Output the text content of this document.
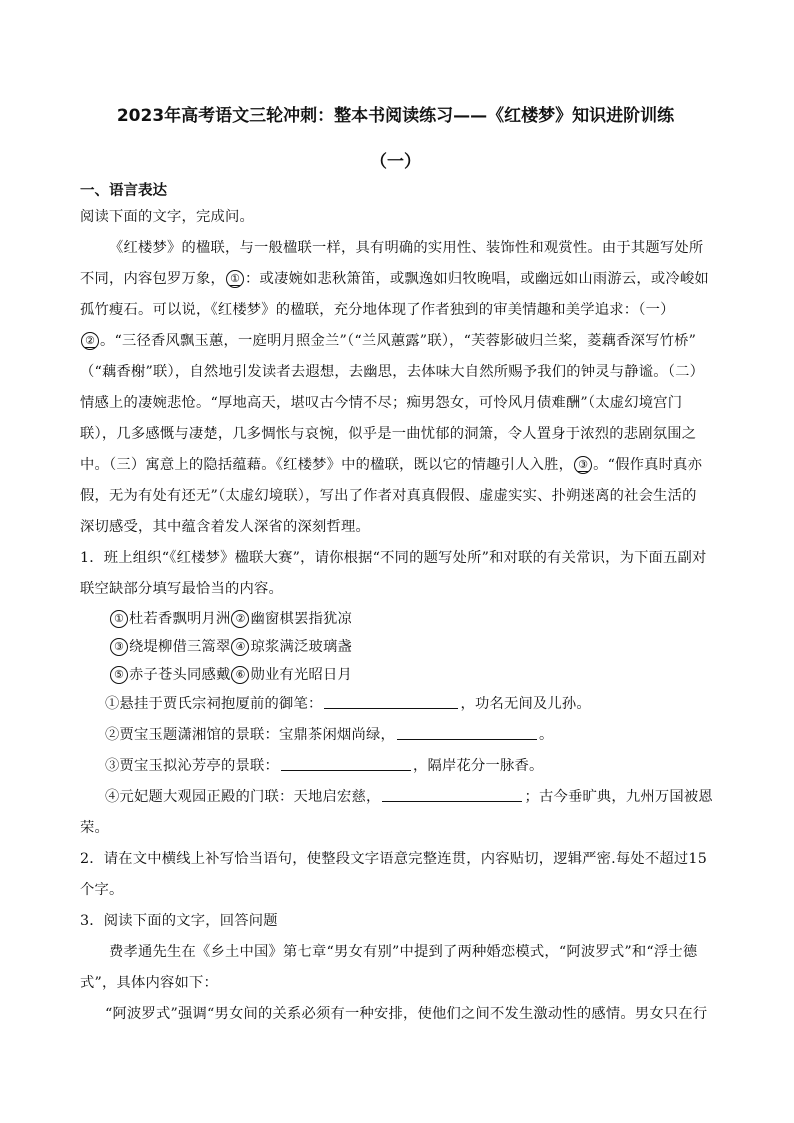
2023年高考语文三轮冲刺：整本书阅读练习——《红楼梦》知识进阶训练
（一）
一、语言表达

阅读下面的文字，完成问。

《红楼梦》的楹联，与一般楹联一样，具有明确的实用性、装饰性和观赏性。由于其题写处所

不同，内容包罗万象， ① ：或凄婉如悲秋箫笛，或飘逸如归牧晚唱，或幽远如山雨游云，或冷峻如

孤竹瘦石。可以说，《红楼梦》的楹联，充分地体现了作者独到的审美情趣和美学追求：（一）

② 。“三径香风飘玉蕙，一庭明月照金兰”（“兰风蕙露”联），“芙蓉影破归兰桨，菱藕香深写竹桥”

（“藕香榭”联），自然地引发读者去遐想，去幽思，去体味大自然所赐予我们的钟灵与静谧。（二）

情感上的凄婉悲怆。“厚地高天，堪叹古今情不尽；痴男怨女，可怜风月债难酬”（太虚幻境宫门

联），几多感慨与凄楚，几多惆怅与哀惋，似乎是一曲忧郁的洞箫，令人置身于浓烈的悲剧氛围之

中。（三）寓意上的隐括蕴藉。《红楼梦》中的楹联，既以它的情趣引人入胜， ③ 。“假作真时真亦

假，无为有处有还无”（太虚幻境联），写出了作者对真真假假、虚虚实实、扑朔迷离的社会生活的

深切感受，其中蕴含着发人深省的深刻哲理。

1．班上组织“《红楼梦》楹联大赛”，请你根据“不同的题写处所”和对联的有关常识，为下面五副对

联空缺部分填写最恰当的内容。

① 杜若香飘明月洲 ② 幽窗棋罢指犹凉

③ 绕堤柳借三篙翠 ④ 琼浆满泛玻璃盏

⑤ 赤子苍头同感戴 ⑥ 勋业有光昭日月

①悬挂于贾氏宗祠抱厦前的御笔：	，功名无间及儿孙。

②贾宝玉题潇湘馆的景联：宝鼎茶闲烟尚绿，	。

③贾宝玉拟沁芳亭的景联：	，隔岸花分一脉香。

④元妃题大观园正殿的门联：天地启宏慈，	；古今垂旷典，九州万国被恩

荣。

2．请在文中横线上补写恰当语句，使整段文字语意完整连贯，内容贴切，逻辑严密.每处不超过15

个字。

3．阅读下面的文字，回答问题

费孝通先生在《乡土中国》第七章“男女有别”中提到了两种婚恋模式，“阿波罗式”和“浮士德

式”，具体内容如下：

“阿波罗式”强调“男女间的关系必须有一种安排，使他们之间不发生激动性的感情。男女只在行
